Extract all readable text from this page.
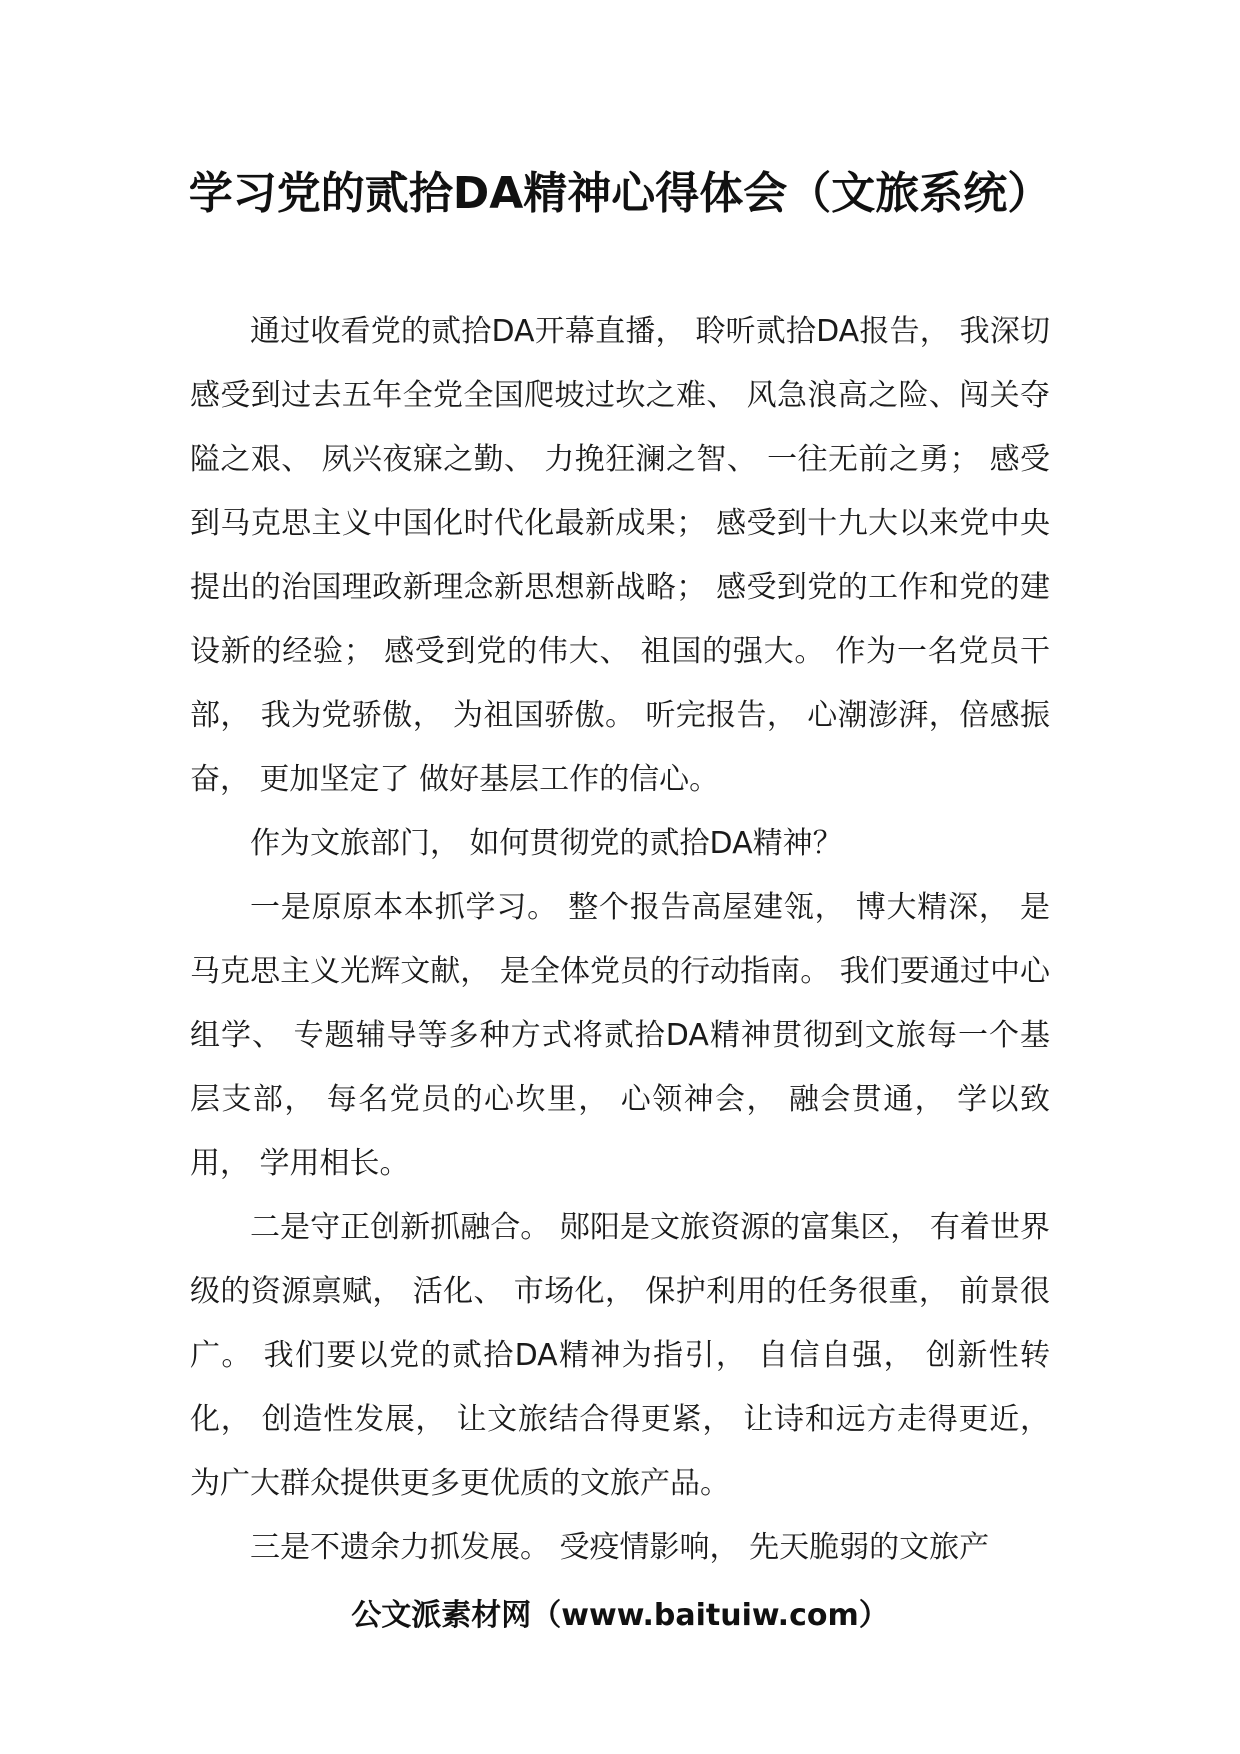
学习党的贰拾DA精神心得体会（文旅系统）

通过收看党的贰拾DA开幕直播， 聆听贰拾DA报告， 我深切感受到过去五年全党全国爬坡过坎之难、 风急浪高之险、闯关夺隘之艰、 夙兴夜寐之勤、 力挽狂澜之智、 一往无前之勇； 感受到马克思主义中国化时代化最新成果； 感受到十九大以来党中央提出的治国理政新理念新思想新战略； 感受到党的工作和党的建设新的经验； 感受到党的伟大、 祖国的强大。 作为一名党员干部， 我为党骄傲， 为祖国骄傲。 听完报告， 心潮澎湃，倍感振奋， 更加坚定了 做好基层工作的信心。

作为文旅部门， 如何贯彻党的贰拾DA精神？

一是原原本本抓学习。 整个报告高屋建瓴， 博大精深， 是马克思主义光辉文献， 是全体党员的行动指南。 我们要通过中心组学、 专题辅导等多种方式将贰拾DA精神贯彻到文旅每一个基层支部， 每名党员的心坎里， 心领神会， 融会贯通， 学以致用， 学用相长。

二是守正创新抓融合。 郧阳是文旅资源的富集区， 有着世界级的资源禀赋， 活化、 市场化， 保护利用的任务很重， 前景很广。 我们要以党的贰拾DA精神为指引， 自信自强， 创新性转化， 创造性发展， 让文旅结合得更紧， 让诗和远方走得更近，为广大群众提供更多更优质的文旅产品。

三是不遗余力抓发展。 受疫情影响， 先天脆弱的文旅产

公文派素材网（www.baituiw.com）
